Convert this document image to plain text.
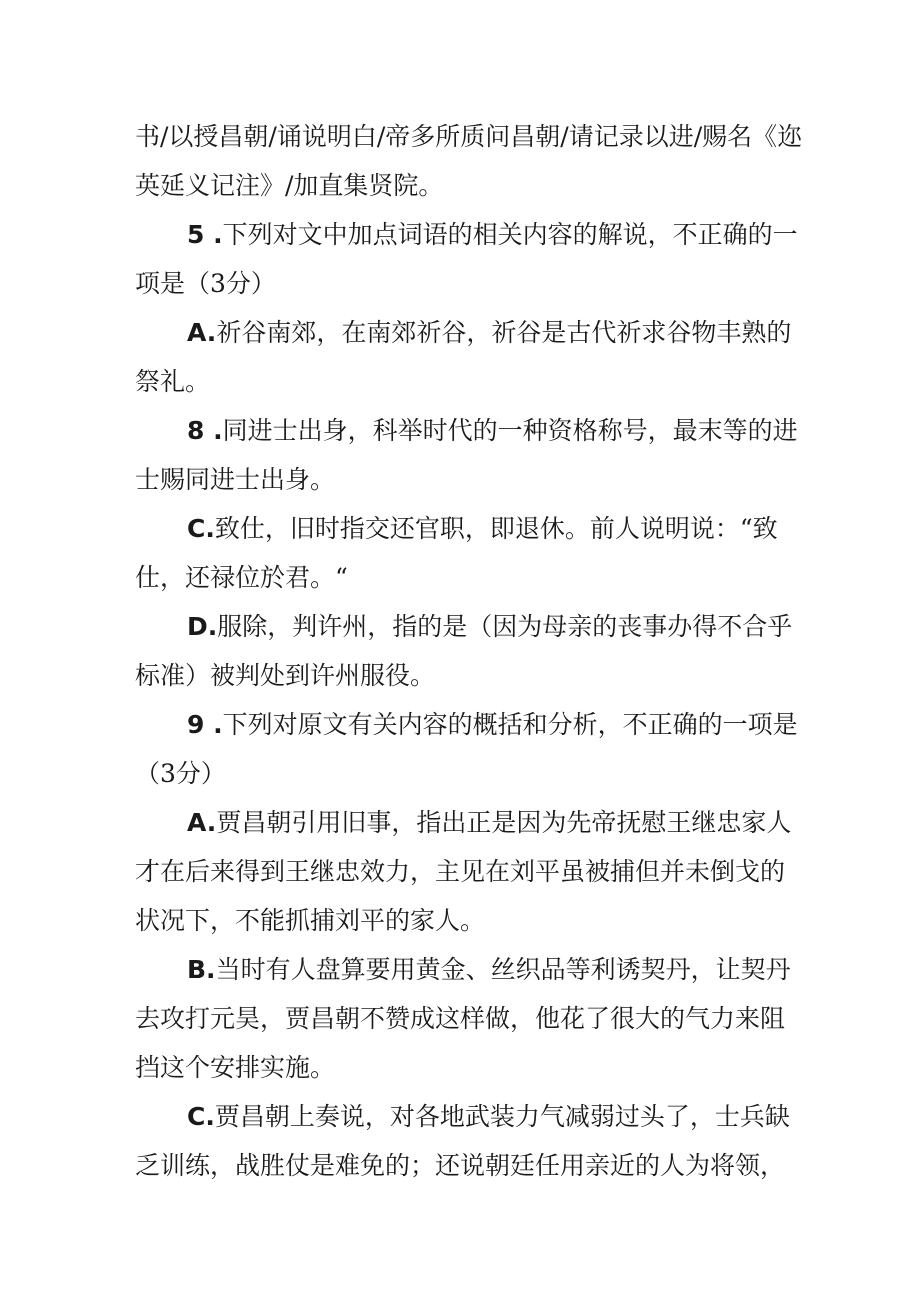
书/以授昌朝/诵说明白/帝多所质问昌朝/请记录以进/赐名《迩
英延义记注》/加直集贤院。
5 .下列对文中加点词语的相关内容的解说，不正确的一
项是（3分）
A.祈谷南郊，在南郊祈谷，祈谷是古代祈求谷物丰熟的
祭礼。
8 .同进士出身，科举时代的一种资格称号，最末等的进
士赐同进士出身。
C.致仕，旧时指交还官职，即退休。前人说明说：“致
仕，还禄位於君。“
D.服除，判许州，指的是（因为母亲的丧事办得不合乎
标准）被判处到许州服役。
9 .下列对原文有关内容的概括和分析，不正确的一项是
（3分）
A.贾昌朝引用旧事，指出正是因为先帝抚慰王继忠家人
才在后来得到王继忠效力，主见在刘平虽被捕但并未倒戈的
状况下，不能抓捕刘平的家人。
B.当时有人盘算要用黄金、丝织品等利诱契丹，让契丹
去攻打元昊，贾昌朝不赞成这样做，他花了很大的气力来阻
挡这个安排实施。
C.贾昌朝上奏说，对各地武装力气减弱过头了，士兵缺
乏训练，战胜仗是难免的；还说朝廷任用亲近的人为将领，
